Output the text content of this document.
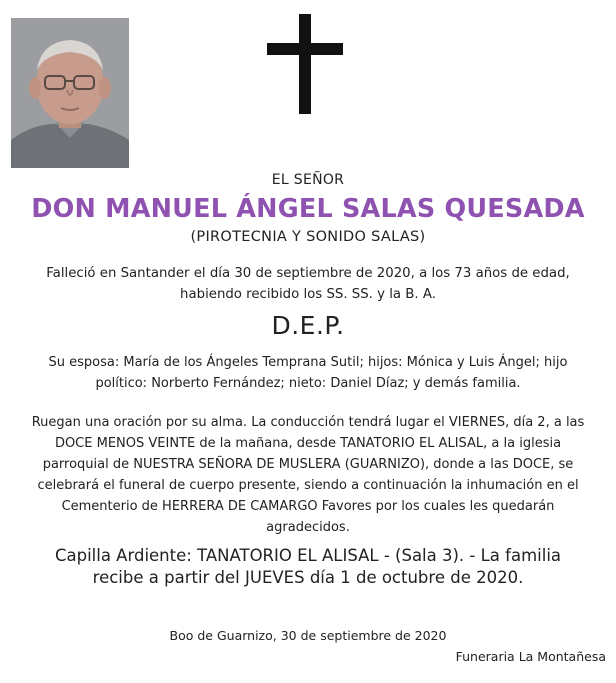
EL SEÑOR
DON MANUEL ÁNGEL SALAS QUESADA
(PIROTECNIA Y SONIDO SALAS)
Falleció en Santander el día 30 de septiembre de 2020, a los 73 años de edad,
habiendo recibido los SS. SS. y la B. A.
D.E.P.
Su esposa: María de los Ángeles Temprana Sutil; hijos: Mónica y Luis Ángel; hijo
político: Norberto Fernández; nieto: Daniel Díaz; y demás familia.
Ruegan una oración por su alma. La conducción tendrá lugar el VIERNES, día 2, a las
DOCE MENOS VEINTE de la mañana, desde TANATORIO EL ALISAL, a la iglesia
parroquial de NUESTRA SEÑORA DE MUSLERA (GUARNIZO), donde a las DOCE, se
celebrará el funeral de cuerpo presente, siendo a continuación la inhumación en el
Cementerio de HERRERA DE CAMARGO Favores por los cuales les quedarán
agradecidos.
Capilla Ardiente: TANATORIO EL ALISAL - (Sala 3). - La familia
recibe a partir del JUEVES día 1 de octubre de 2020.
Boo de Guarnizo, 30 de septiembre de 2020
Funeraria La Montañesa
